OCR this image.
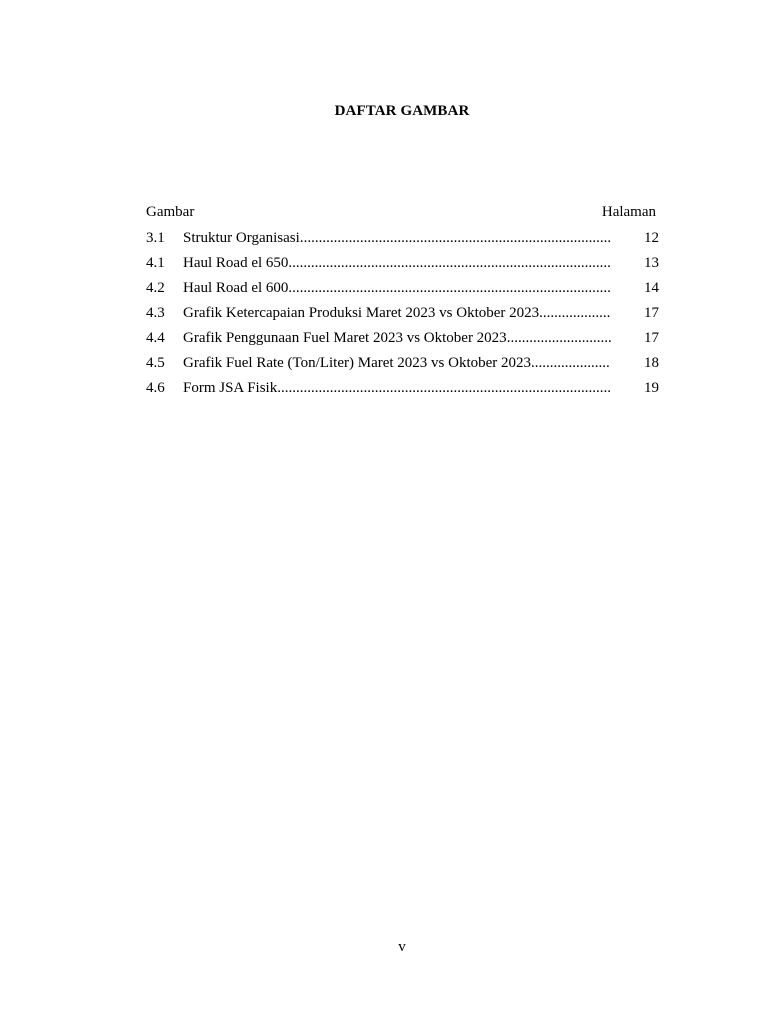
DAFTAR GAMBAR
Gambar	Halaman
3.1	Struktur Organisasi...................................................................................	12
4.1	Haul Road el 650......................................................................................	13
4.2	Haul Road el 600......................................................................................	14
4.3	Grafik Ketercapaian Produksi Maret 2023 vs Oktober 2023...................	17
4.4	Grafik Penggunaan Fuel Maret 2023 vs Oktober 2023............................	17
4.5	Grafik Fuel Rate (Ton/Liter) Maret 2023 vs Oktober 2023.....................	18
4.6	Form JSA Fisik.........................................................................................	19
v
